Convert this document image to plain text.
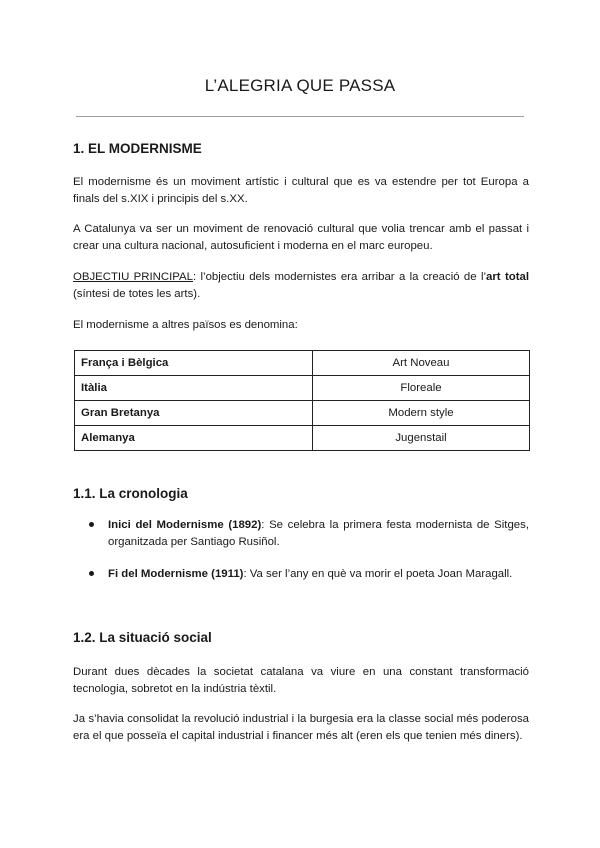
L’ALEGRIA QUE PASSA
1. EL MODERNISME

El modernisme és un moviment artístic i cultural que es va estendre per tot Europa a finals del s.XIX i principis del s.XX.

A Catalunya va ser un moviment de renovació cultural que volia trencar amb el passat i crear una cultura nacional, autosuficient i moderna en el marc europeu.

OBJECTIU PRINCIPAL: l’objectiu dels modernistes era arribar a la creació de l’art total (síntesi de totes les arts).

El modernisme a altres països es denomina:

França i Bèlgica	Art Noveau
Itàlia	Floreale
Gran Bretanya	Modern style
Alemanya	Jugenstail
1.1. La cronologia
Inici del Modernisme (1892): Se celebra la primera festa modernista de Sitges, organitzada per Santiago Rusiñol.
Fi del Modernisme (1911): Va ser l’any en què va morir el poeta Joan Maragall.
1.2. La situació social

Durant dues dècades la societat catalana va viure en una constant transformació tecnologia, sobretot en la indústria tèxtil.

Ja s’havia consolidat la revolució industrial i la burgesia era la classe social més poderosa era el que posseïa el capital industrial i financer més alt (eren els que tenien més diners).
